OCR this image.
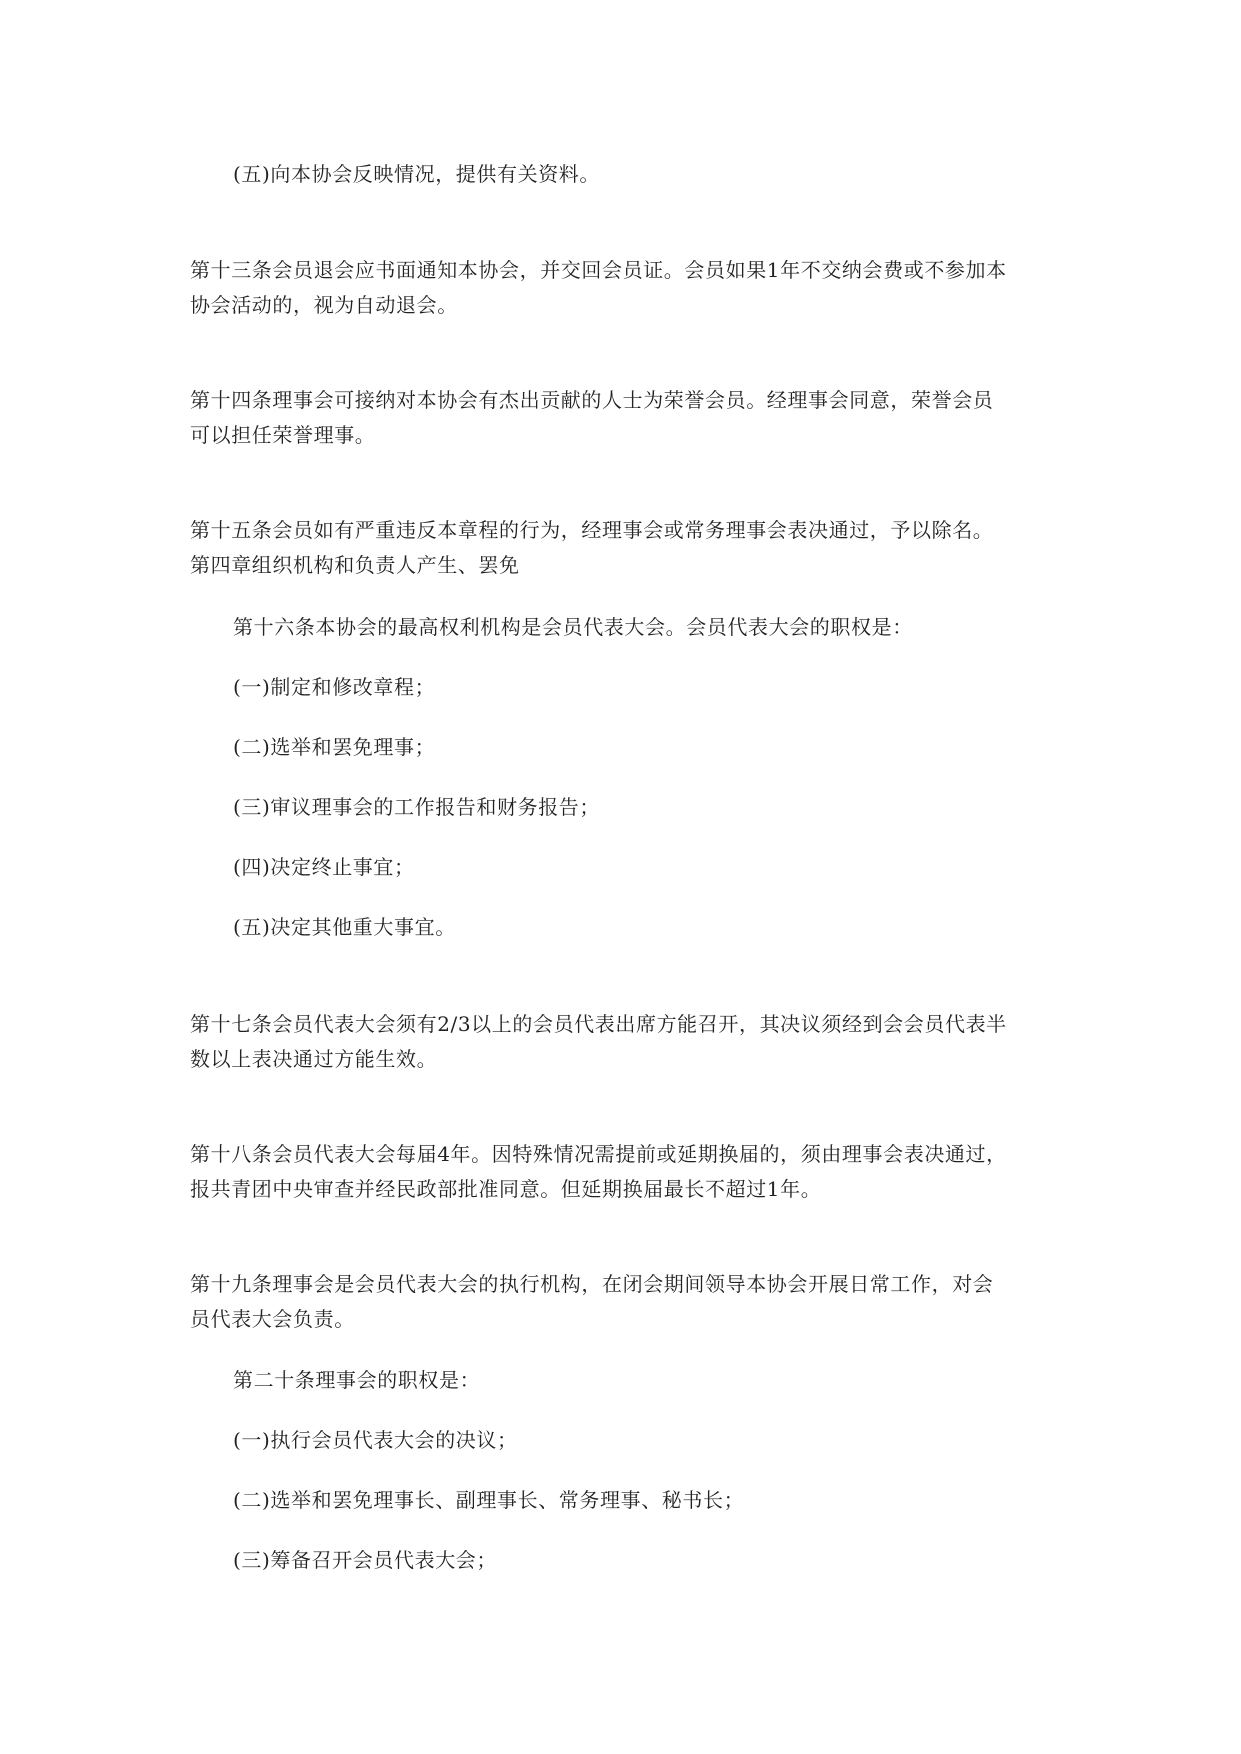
(五)向本协会反映情况，提供有关资料。
第十三条会员退会应书面通知本协会，并交回会员证。会员如果1年不交纳会费或不参加本
协会活动的，视为自动退会。
第十四条理事会可接纳对本协会有杰出贡献的人士为荣誉会员。经理事会同意，荣誉会员
可以担任荣誉理事。
第十五条会员如有严重违反本章程的行为，经理事会或常务理事会表决通过，予以除名。
第四章组织机构和负责人产生、罢免
第十六条本协会的最高权利机构是会员代表大会。会员代表大会的职权是：
(一)制定和修改章程；
(二)选举和罢免理事；
(三)审议理事会的工作报告和财务报告；
(四)决定终止事宜；
(五)决定其他重大事宜。
第十七条会员代表大会须有2/3以上的会员代表出席方能召开，其决议须经到会会员代表半
数以上表决通过方能生效。
第十八条会员代表大会每届4年。因特殊情况需提前或延期换届的，须由理事会表决通过，
报共青团中央审查并经民政部批准同意。但延期换届最长不超过1年。
第十九条理事会是会员代表大会的执行机构，在闭会期间领导本协会开展日常工作，对会
员代表大会负责。
第二十条理事会的职权是：
(一)执行会员代表大会的决议；
(二)选举和罢免理事长、副理事长、常务理事、秘书长；
(三)筹备召开会员代表大会；
